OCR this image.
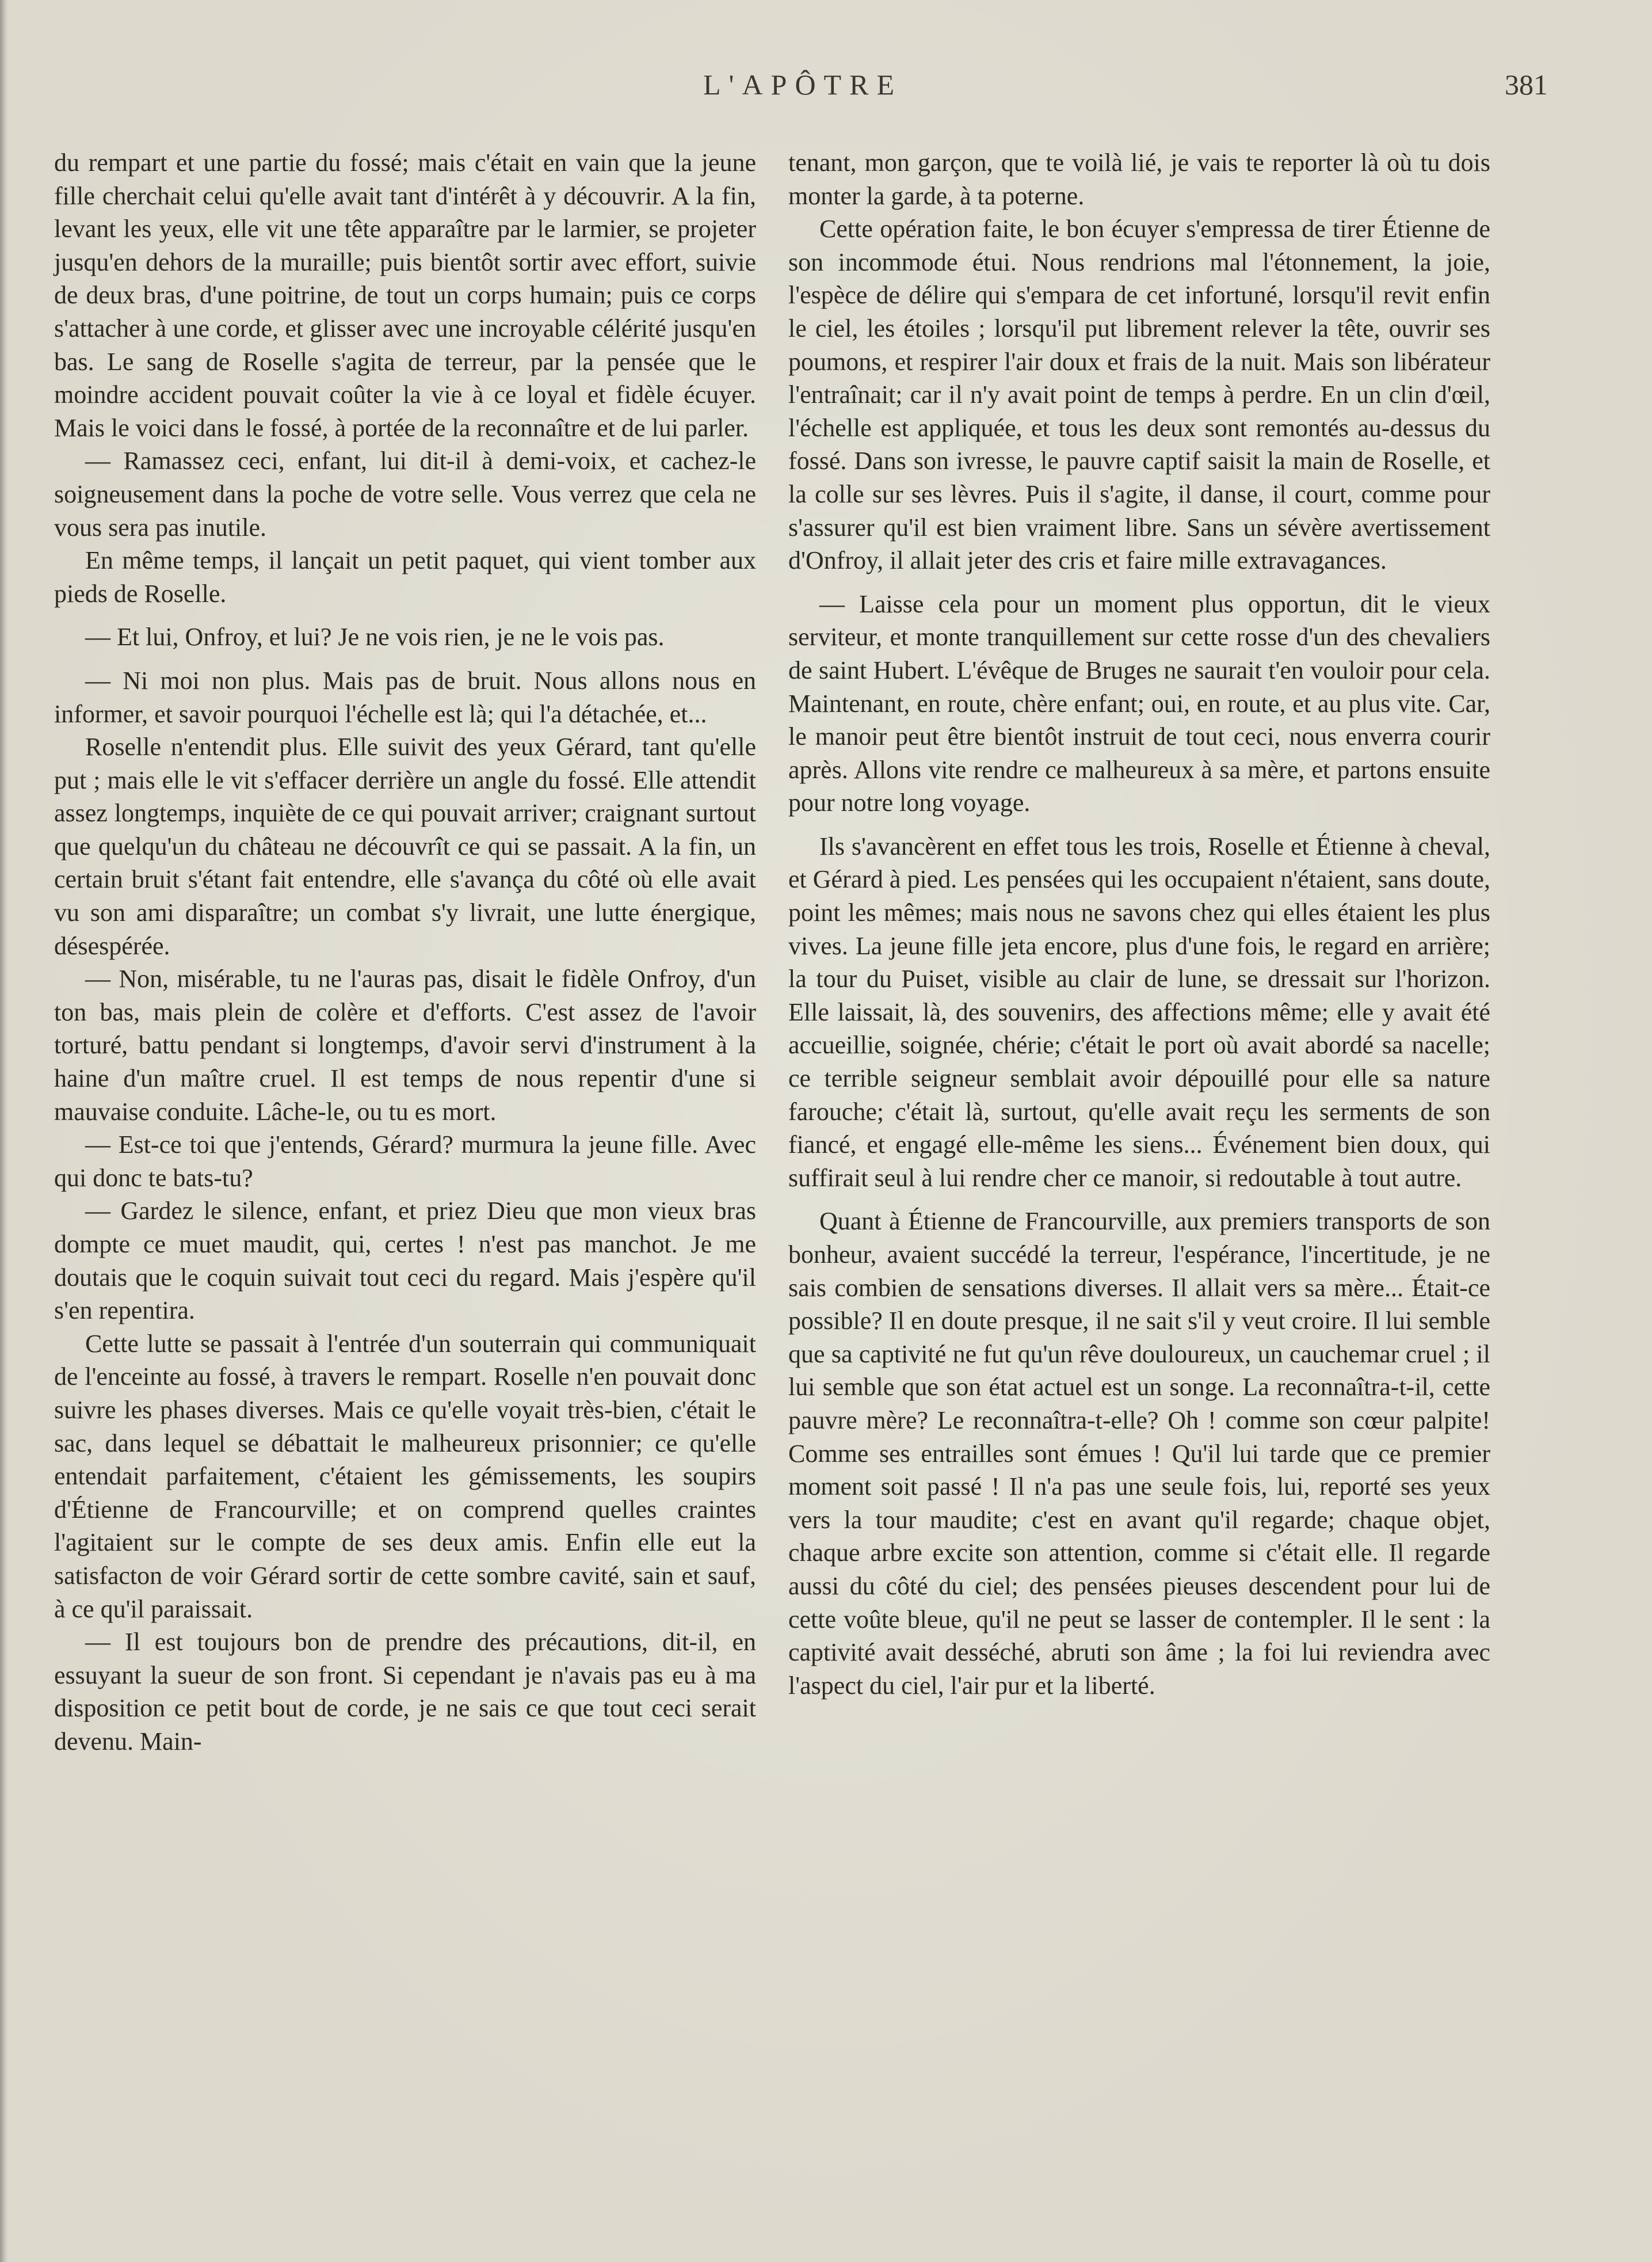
L'APÔTRE	381

du rempart et une partie du fossé; mais c'était en vain que la jeune fille cherchait celui qu'elle avait tant d'intérêt à y découvrir. A la fin, levant les yeux, elle vit une tête apparaître par le larmier, se projeter jusqu'en dehors de la muraille; puis bientôt sortir avec effort, suivie de deux bras, d'une poitrine, de tout un corps humain; puis ce corps s'attacher à une corde, et glisser avec une incroyable célérité jusqu'en bas. Le sang de Roselle s'agita de terreur, par la pensée que le moindre accident pouvait coûter la vie à ce loyal et fidèle écuyer. Mais le voici dans le fossé, à portée de la reconnaître et de lui parler.

— Ramassez ceci, enfant, lui dit-il à demi-voix, et cachez-le soigneusement dans la poche de votre selle. Vous verrez que cela ne vous sera pas inutile.

En même temps, il lançait un petit paquet, qui vient tomber aux pieds de Roselle.

— Et lui, Onfroy, et lui? Je ne vois rien, je ne le vois pas.

— Ni moi non plus. Mais pas de bruit. Nous allons nous en informer, et savoir pourquoi l'échelle est là; qui l'a détachée, et...

Roselle n'entendit plus. Elle suivit des yeux Gérard, tant qu'elle put ; mais elle le vit s'effacer derrière un angle du fossé. Elle attendit assez longtemps, inquiète de ce qui pouvait arriver; craignant surtout que quelqu'un du château ne découvrît ce qui se passait. A la fin, un certain bruit s'étant fait entendre, elle s'avança du côté où elle avait vu son ami disparaître; un combat s'y livrait, une lutte énergique, désespérée.

— Non, misérable, tu ne l'auras pas, disait le fidèle Onfroy, d'un ton bas, mais plein de colère et d'efforts. C'est assez de l'avoir torturé, battu pendant si longtemps, d'avoir servi d'instrument à la haine d'un maître cruel. Il est temps de nous repentir d'une si mauvaise conduite. Lâche-le, ou tu es mort.

— Est-ce toi que j'entends, Gérard? murmura la jeune fille. Avec qui donc te bats-tu?

— Gardez le silence, enfant, et priez Dieu que mon vieux bras dompte ce muet maudit, qui, certes ! n'est pas manchot. Je me doutais que le coquin suivait tout ceci du regard. Mais j'espère qu'il s'en repentira.

Cette lutte se passait à l'entrée d'un souterrain qui communiquait de l'enceinte au fossé, à travers le rempart. Roselle n'en pouvait donc suivre les phases diverses. Mais ce qu'elle voyait très-bien, c'était le sac, dans lequel se débattait le malheureux prisonnier; ce qu'elle entendait parfaitement, c'étaient les gémissements, les soupirs d'Étienne de Francourville; et on comprend quelles craintes l'agitaient sur le compte de ses deux amis. Enfin elle eut la satisfacton de voir Gérard sortir de cette sombre cavité, sain et sauf, à ce qu'il paraissait.

— Il est toujours bon de prendre des précautions, dit-il, en essuyant la sueur de son front. Si cependant je n'avais pas eu à ma disposition ce petit bout de corde, je ne sais ce que tout ceci serait devenu. Main-

tenant, mon garçon, que te voilà lié, je vais te reporter là où tu dois monter la garde, à ta poterne.

Cette opération faite, le bon écuyer s'empressa de tirer Étienne de son incommode étui. Nous rendrions mal l'étonnement, la joie, l'espèce de délire qui s'empara de cet infortuné, lorsqu'il revit enfin le ciel, les étoiles ; lorsqu'il put librement relever la tête, ouvrir ses poumons, et respirer l'air doux et frais de la nuit. Mais son libérateur l'entraînait; car il n'y avait point de temps à perdre. En un clin d'œil, l'échelle est appliquée, et tous les deux sont remontés au-dessus du fossé. Dans son ivresse, le pauvre captif saisit la main de Roselle, et la colle sur ses lèvres. Puis il s'agite, il danse, il court, comme pour s'assurer qu'il est bien vraiment libre. Sans un sévère avertissement d'Onfroy, il allait jeter des cris et faire mille extravagances.

— Laisse cela pour un moment plus opportun, dit le vieux serviteur, et monte tranquillement sur cette rosse d'un des chevaliers de saint Hubert. L'évêque de Bruges ne saurait t'en vouloir pour cela. Maintenant, en route, chère enfant; oui, en route, et au plus vite. Car, le manoir peut être bientôt instruit de tout ceci, nous enverra courir après. Allons vite rendre ce malheureux à sa mère, et partons ensuite pour notre long voyage.

Ils s'avancèrent en effet tous les trois, Roselle et Étienne à cheval, et Gérard à pied. Les pensées qui les occupaient n'étaient, sans doute, point les mêmes; mais nous ne savons chez qui elles étaient les plus vives. La jeune fille jeta encore, plus d'une fois, le regard en arrière; la tour du Puiset, visible au clair de lune, se dressait sur l'horizon. Elle laissait, là, des souvenirs, des affections même; elle y avait été accueillie, soignée, chérie; c'était le port où avait abordé sa nacelle; ce terrible seigneur semblait avoir dépouillé pour elle sa nature farouche; c'était là, surtout, qu'elle avait reçu les serments de son fiancé, et engagé elle-même les siens... Événement bien doux, qui suffirait seul à lui rendre cher ce manoir, si redoutable à tout autre.

Quant à Étienne de Francourville, aux premiers transports de son bonheur, avaient succédé la terreur, l'espérance, l'incertitude, je ne sais combien de sensations diverses. Il allait vers sa mère... Était-ce possible? Il en doute presque, il ne sait s'il y veut croire. Il lui semble que sa captivité ne fut qu'un rêve douloureux, un cauchemar cruel ; il lui semble que son état actuel est un songe. La reconnaîtra-t-il, cette pauvre mère? Le reconnaîtra-t-elle? Oh ! comme son cœur palpite! Comme ses entrailles sont émues ! Qu'il lui tarde que ce premier moment soit passé ! Il n'a pas une seule fois, lui, reporté ses yeux vers la tour maudite; c'est en avant qu'il regarde; chaque objet, chaque arbre excite son attention, comme si c'était elle. Il regarde aussi du côté du ciel; des pensées pieuses descendent pour lui de cette voûte bleue, qu'il ne peut se lasser de contempler. Il le sent : la captivité avait desséché, abruti son âme ; la foi lui reviendra avec l'aspect du ciel, l'air pur et la liberté.
